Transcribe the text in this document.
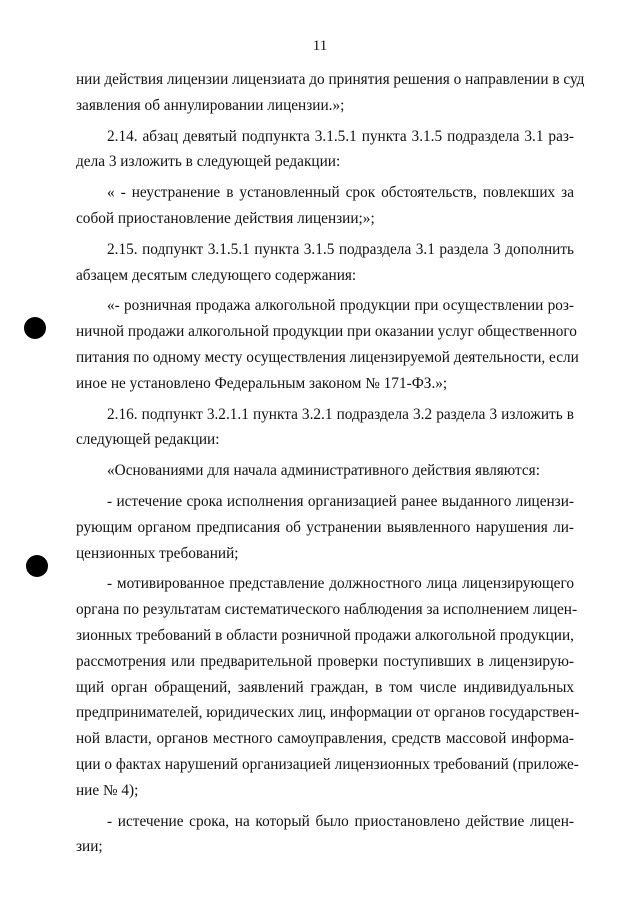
11
нии действия лицензии лицензиата до принятия решения о направлении в суд
заявления об аннулировании лицензии.»;
2.14. абзац девятый подпункта 3.1.5.1 пункта 3.1.5 подраздела 3.1 раз-
дела 3 изложить в следующей редакции:
« - неустранение в установленный срок обстоятельств, повлекших за
собой приостановление действия лицензии;»;
2.15. подпункт 3.1.5.1 пункта 3.1.5 подраздела 3.1 раздела 3 дополнить
абзацем десятым следующего содержания:
«- розничная продажа алкогольной продукции при осуществлении роз-
ничной продажи алкогольной продукции при оказании услуг общественного
питания по одному месту осуществления лицензируемой деятельности, если
иное не установлено Федеральным законом № 171-ФЗ.»;
2.16. подпункт 3.2.1.1 пункта 3.2.1 подраздела 3.2 раздела 3 изложить в
следующей редакции:
«Основаниями для начала административного действия являются:
- истечение срока исполнения организацией ранее выданного лицензи-
рующим органом предписания об устранении выявленного нарушения ли-
цензионных требований;
- мотивированное представление должностного лица лицензирующего
органа по результатам систематического наблюдения за исполнением лицен-
зионных требований в области розничной продажи алкогольной продукции,
рассмотрения или предварительной проверки поступивших в лицензирую-
щий орган обращений, заявлений граждан, в том числе индивидуальных
предпринимателей, юридических лиц, информации от органов государствен-
ной власти, органов местного самоуправления, средств массовой информа-
ции о фактах нарушений организацией лицензионных требований (приложе-
ние № 4);
- истечение срока, на который было приостановлено действие лицен-
зии;
